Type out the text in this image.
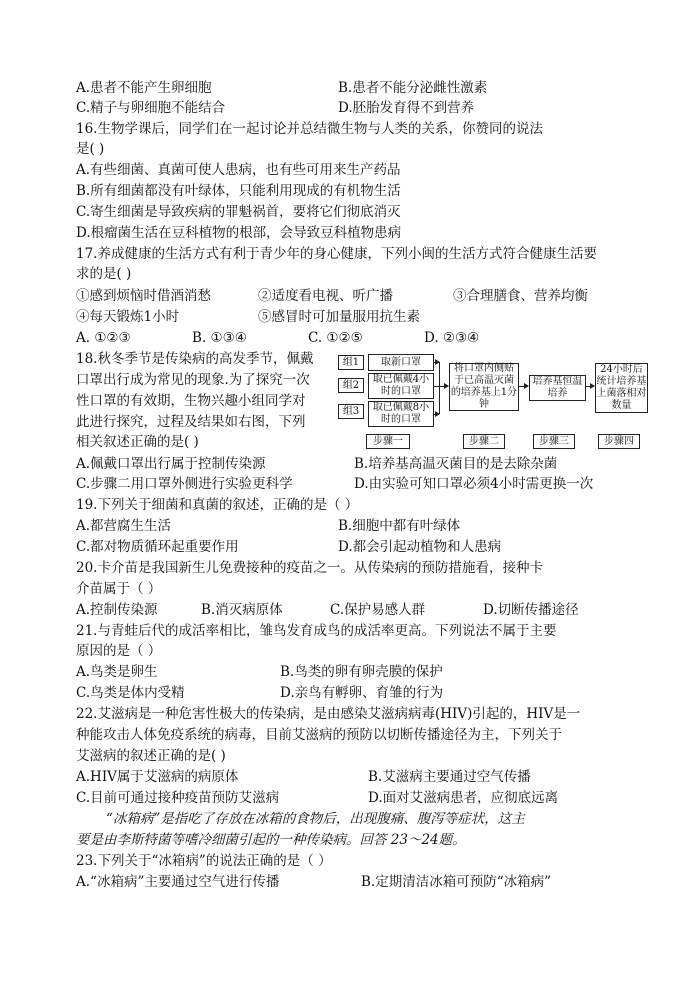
A.患者不能产生卵细胞	B.患者不能分泌雌性激素
C.精子与卵细胞不能结合	D.胚胎发育得不到营养
16.生物学课后，同学们在一起讨论并总结微生物与人类的关系，你赞同的说法
是( )
A.有些细菌、真菌可使人患病，也有些可用来生产药品
B.所有细菌都没有叶绿体，只能利用现成的有机物生活
C.寄生细菌是导致疾病的罪魁祸首，要将它们彻底消灭
D.根瘤菌生活在豆科植物的根部，会导致豆科植物患病
17.养成健康的生活方式有利于青少年的身心健康，下列小闽的生活方式符合健康生活要
求的是( )
①感到烦恼时借酒消愁	②适度看电视、听广播	③合理膳食、营养均衡
④每天锻炼1小时	⑤感冒时可加量服用抗生素
A. ①②③	B. ①③④	C. ①②⑤	D. ②③④
18.秋冬季节是传染病的高发季节，佩戴
口罩出行成为常见的现象.为了探究一次
性口罩的有效期，生物兴趣小组同学对
此进行探究，过程及结果如右图，下列
相关叙述正确的是( )
组1
组2
组3
取新口罩
取已佩戴4小时的口罩
取已佩戴8小时的口罩
将口罩内侧贴于已高温灭菌的培养基上1分钟
培养基恒温培养
24小时后统计培养基上菌落相对数量
步骤一	步骤二	步骤三	步骤四
A.佩戴口罩出行属于控制传染源	B.培养基高温灭菌目的是去除杂菌
C.步骤二用口罩外侧进行实验更科学	D.由实验可知口罩必须4小时需更换一次
19.下列关于细菌和真菌的叙述，正确的是（ ）
A.都营腐生生活	B.细胞中都有叶绿体
C.都对物质循环起重要作用	D.都会引起动植物和人患病
20.卡介苗是我国新生儿免费接种的疫苗之一。从传染病的预防措施看，接种卡
介苗属于（ ）
A.控制传染源	B.消灭病原体	C.保护易感人群	D.切断传播途径
21.与青蛙后代的成活率相比，雏鸟发育成鸟的成活率更高。下列说法不属于主要
原因的是（ ）
A.鸟类是卵生	B.鸟类的卵有卵壳膜的保护
C.鸟类是体内受精	D.亲鸟有孵卵、育雏的行为
22.艾滋病是一种危害性极大的传染病，是由感染艾滋病病毒(HIV)引起的，HIV是一
种能攻击人体免疫系统的病毒，目前艾滋病的预防以切断传播途径为主，下列关于
艾滋病的叙述正确的是( )
A.HIV属于艾滋病的病原体	B.艾滋病主要通过空气传播
C.目前可通过接种疫苗预防艾滋病	D.面对艾滋病患者，应彻底远离
“冰箱病”是指吃了存放在冰箱的食物后，出现腹痛、腹泻等症状，这主
要是由李斯特菌等嗜冷细菌引起的一种传染病。回答 23～24题。
23.下列关于“冰箱病”的说法正确的是（ ）
A.“冰箱病”主要通过空气进行传播	B.定期清洁冰箱可预防“冰箱病”
